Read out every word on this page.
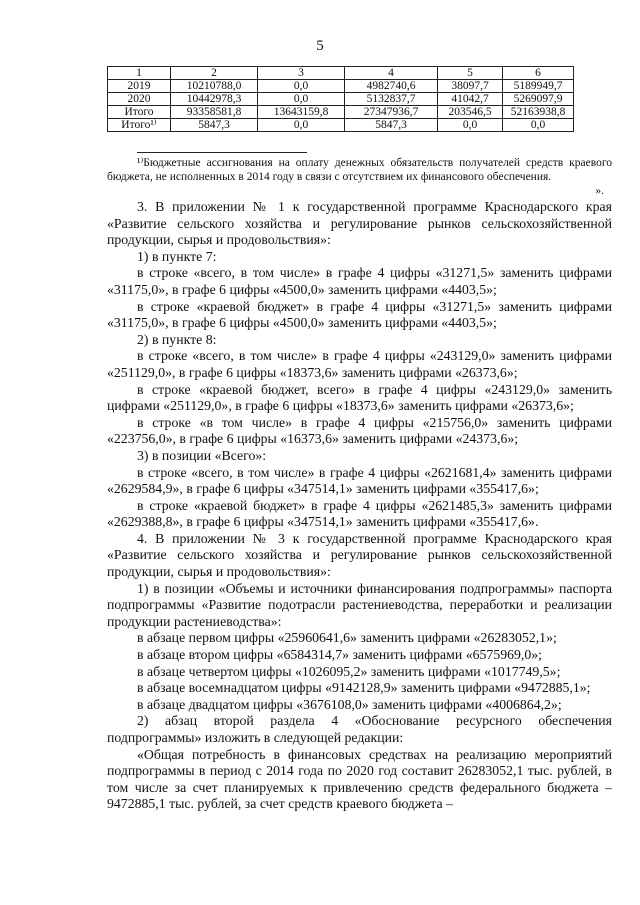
5
1	2	3	4	5	6
2019	10210788,0	0,0	4982740,6	38097,7	5189949,7
2020	10442978,3	0,0	5132837,7	41042,7	5269097,9
Итого	93358581,8	13643159,8	27347936,7	203546,5	52163938,8
Итого¹⁾	5847,3	0,0	5847,3	0,0	0,0
¹⁾Бюджетные ассигнования на оплату денежных обязательств получателей средств краевого бюджета, не исполненных в 2014 году в связи с отсутствием их финансового обеспечения.
».

3. В приложении № 1 к государственной программе Краснодарского края «Развитие сельского хозяйства и регулирование рынков сельскохозяйственной продукции, сырья и продовольствия»:

1) в пункте 7:

в строке «всего, в том числе» в графе 4 цифры «31271,5» заменить цифрами «31175,0», в графе 6 цифры «4500,0» заменить цифрами «4403,5»;

в строке «краевой бюджет» в графе 4 цифры «31271,5» заменить цифрами «31175,0», в графе 6 цифры «4500,0» заменить цифрами «4403,5»;

2) в пункте 8:

в строке «всего, в том числе» в графе 4 цифры «243129,0» заменить цифрами «251129,0», в графе 6 цифры «18373,6» заменить цифрами «26373,6»;

в строке «краевой бюджет, всего» в графе 4 цифры «243129,0» заменить цифрами «251129,0», в графе 6 цифры «18373,6» заменить цифрами «26373,6»;

в строке «в том числе» в графе 4 цифры «215756,0» заменить цифрами «223756,0», в графе 6 цифры «16373,6» заменить цифрами «24373,6»;

3) в позиции «Всего»:

в строке «всего, в том числе» в графе 4 цифры «2621681,4» заменить цифрами «2629584,9», в графе 6 цифры «347514,1» заменить цифрами «355417,6»;

в строке «краевой бюджет» в графе 4 цифры «2621485,3» заменить цифрами «2629388,8», в графе 6 цифры «347514,1» заменить цифрами «355417,6».

4. В приложении № 3 к государственной программе Краснодарского края «Развитие сельского хозяйства и регулирование рынков сельскохозяйственной продукции, сырья и продовольствия»:

1) в позиции «Объемы и источники финансирования подпрограммы» паспорта подпрограммы «Развитие подотрасли растениеводства, переработки и реализации продукции растениеводства»:

в абзаце первом цифры «25960641,6» заменить цифрами «26283052,1»;

в абзаце втором цифры «6584314,7» заменить цифрами «6575969,0»;

в абзаце четвертом цифры «1026095,2» заменить цифрами «1017749,5»;

в абзаце восемнадцатом цифры «9142128,9» заменить цифрами «9472885,1»;

в абзаце двадцатом цифры «3676108,0» заменить цифрами «4006864,2»;

2) абзац второй раздела 4 «Обоснование ресурсного обеспечения подпрограммы» изложить в следующей редакции:

«Общая потребность в финансовых средствах на реализацию мероприятий подпрограммы в период с 2014 года по 2020 год составит 26283052,1 тыс. рублей, в том числе за счет планируемых к привлечению средств федерального бюджета – 9472885,1 тыс. рублей, за счет средств краевого бюджета –
